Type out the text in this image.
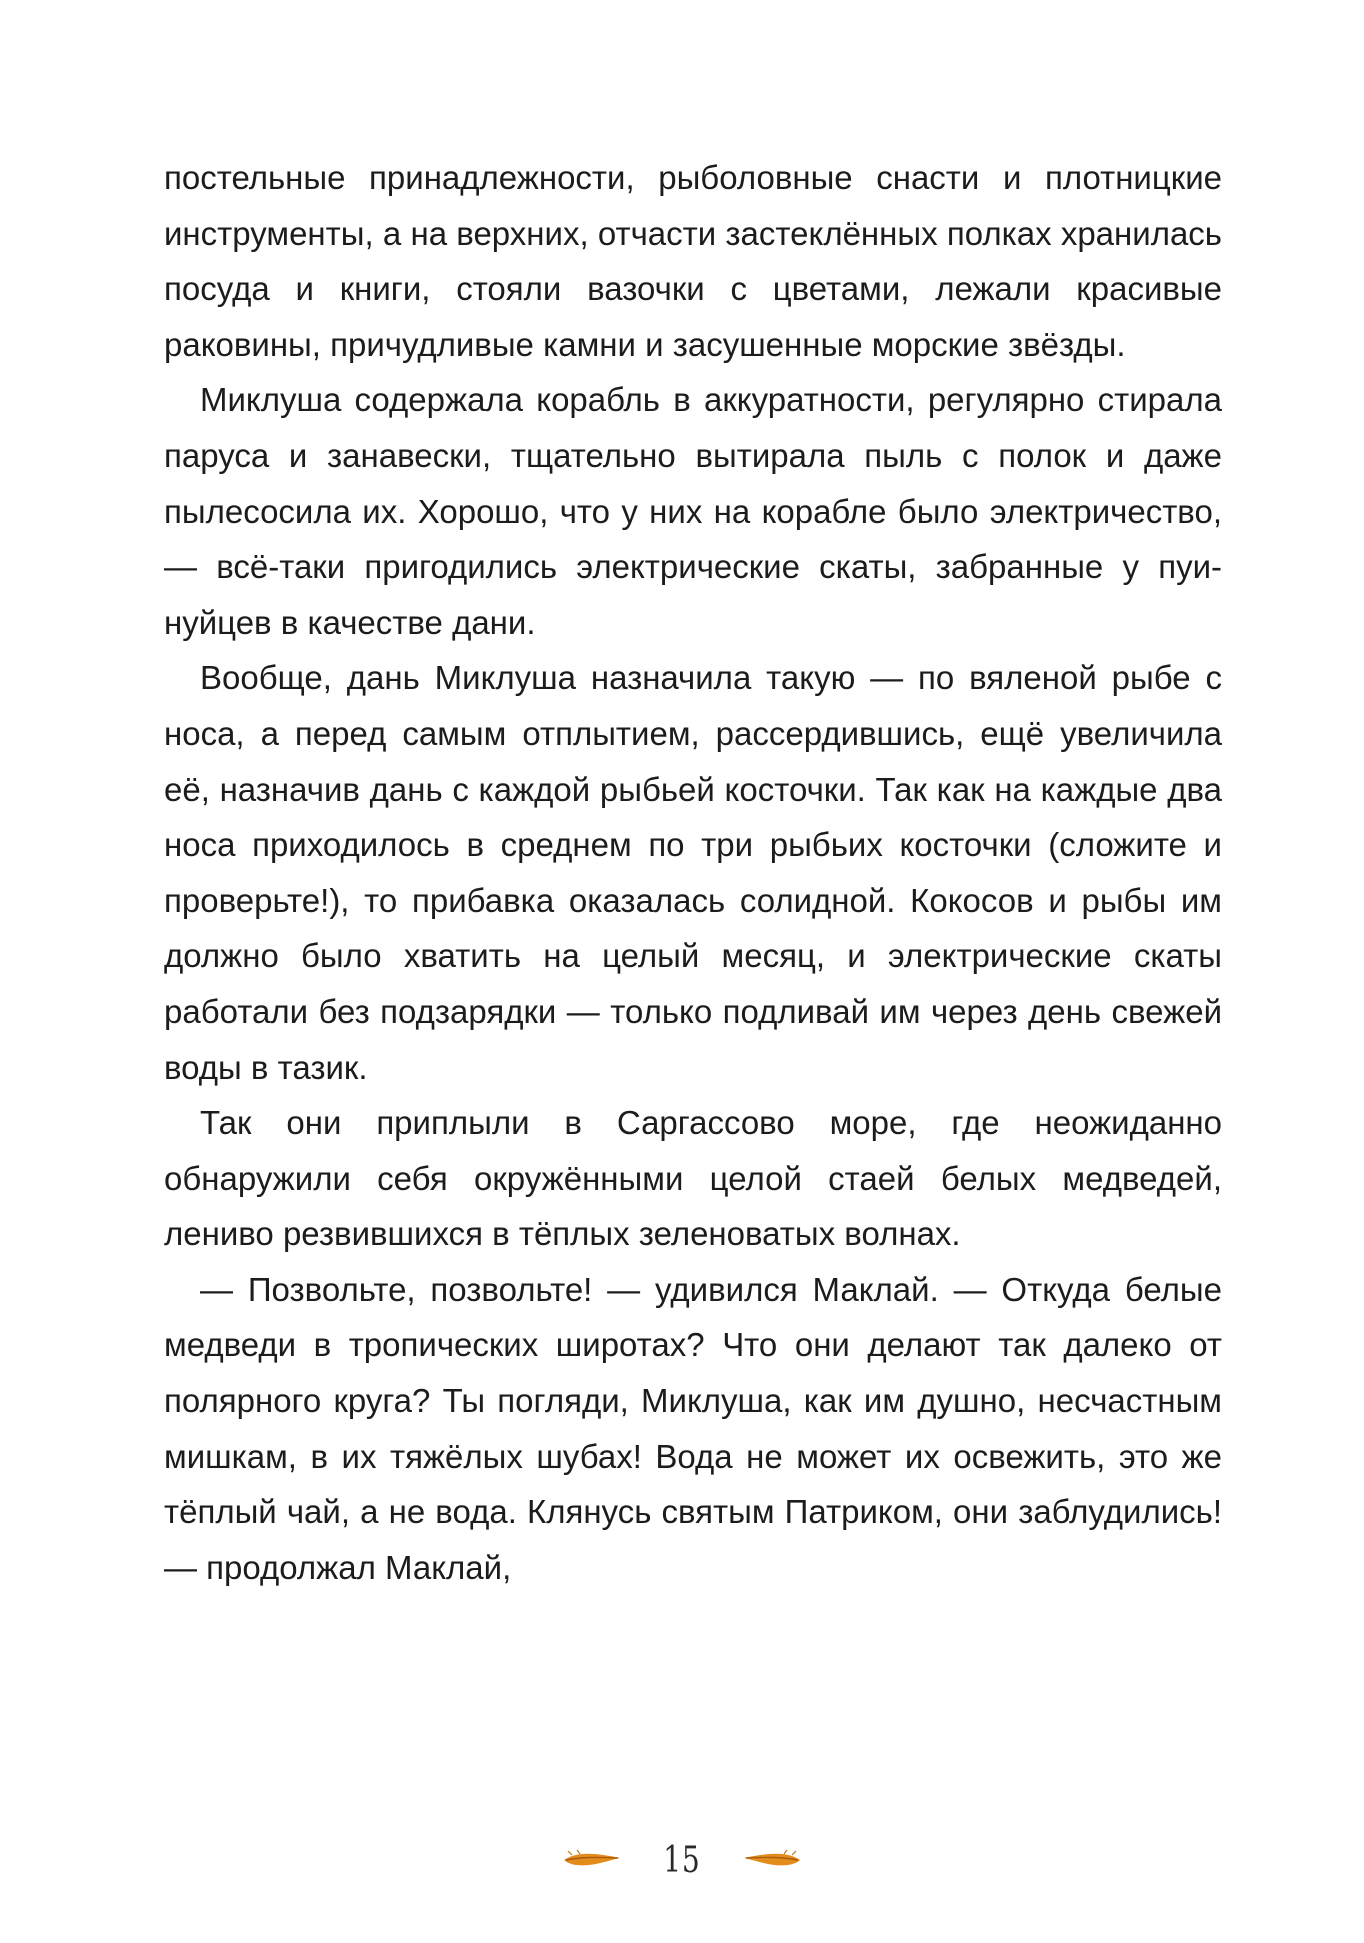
постельные принадлежности, рыболовные снасти и плотницкие инструменты, а на верхних, отчасти застеклённых полках хранилась посуда и книги, стояли вазочки с цветами, лежали красивые раковины, причудливые камни и засушенные морские звёзды.

Миклуша содержала корабль в аккуратности, регулярно стирала паруса и занавески, тщательно вытирала пыль с полок и даже пылесосила их. Хорошо, что у них на корабле было электричество, — всё-таки пригодились электрические скаты, забранные у пуи-нуйцев в качестве дани.

Вообще, дань Миклуша назначила такую — по вяленой рыбе с носа, а перед самым отплытием, рассердившись, ещё увеличила её, назначив дань с каждой рыбьей косточки. Так как на каждые два носа приходилось в среднем по три рыбьих косточки (сложите и проверьте!), то прибавка оказалась солидной. Кокосов и рыбы им должно было хватить на целый месяц, и электрические скаты работали без подзарядки — только подливай им через день свежей воды в тазик.

Так они приплыли в Саргассово море, где неожиданно обнаружили себя окружёнными целой стаей белых медведей, лениво резвившихся в тёплых зеленоватых волнах.

— Позвольте, позвольте! — удивился Маклай. — Откуда белые медведи в тропических широтах? Что они делают так далеко от полярного круга? Ты погляди, Миклуша, как им душно, несчастным мишкам, в их тяжёлых шубах! Вода не может их освежить, это же тёплый чай, а не вода. Клянусь святым Патриком, они заблудились! — продолжал Маклай,

15
